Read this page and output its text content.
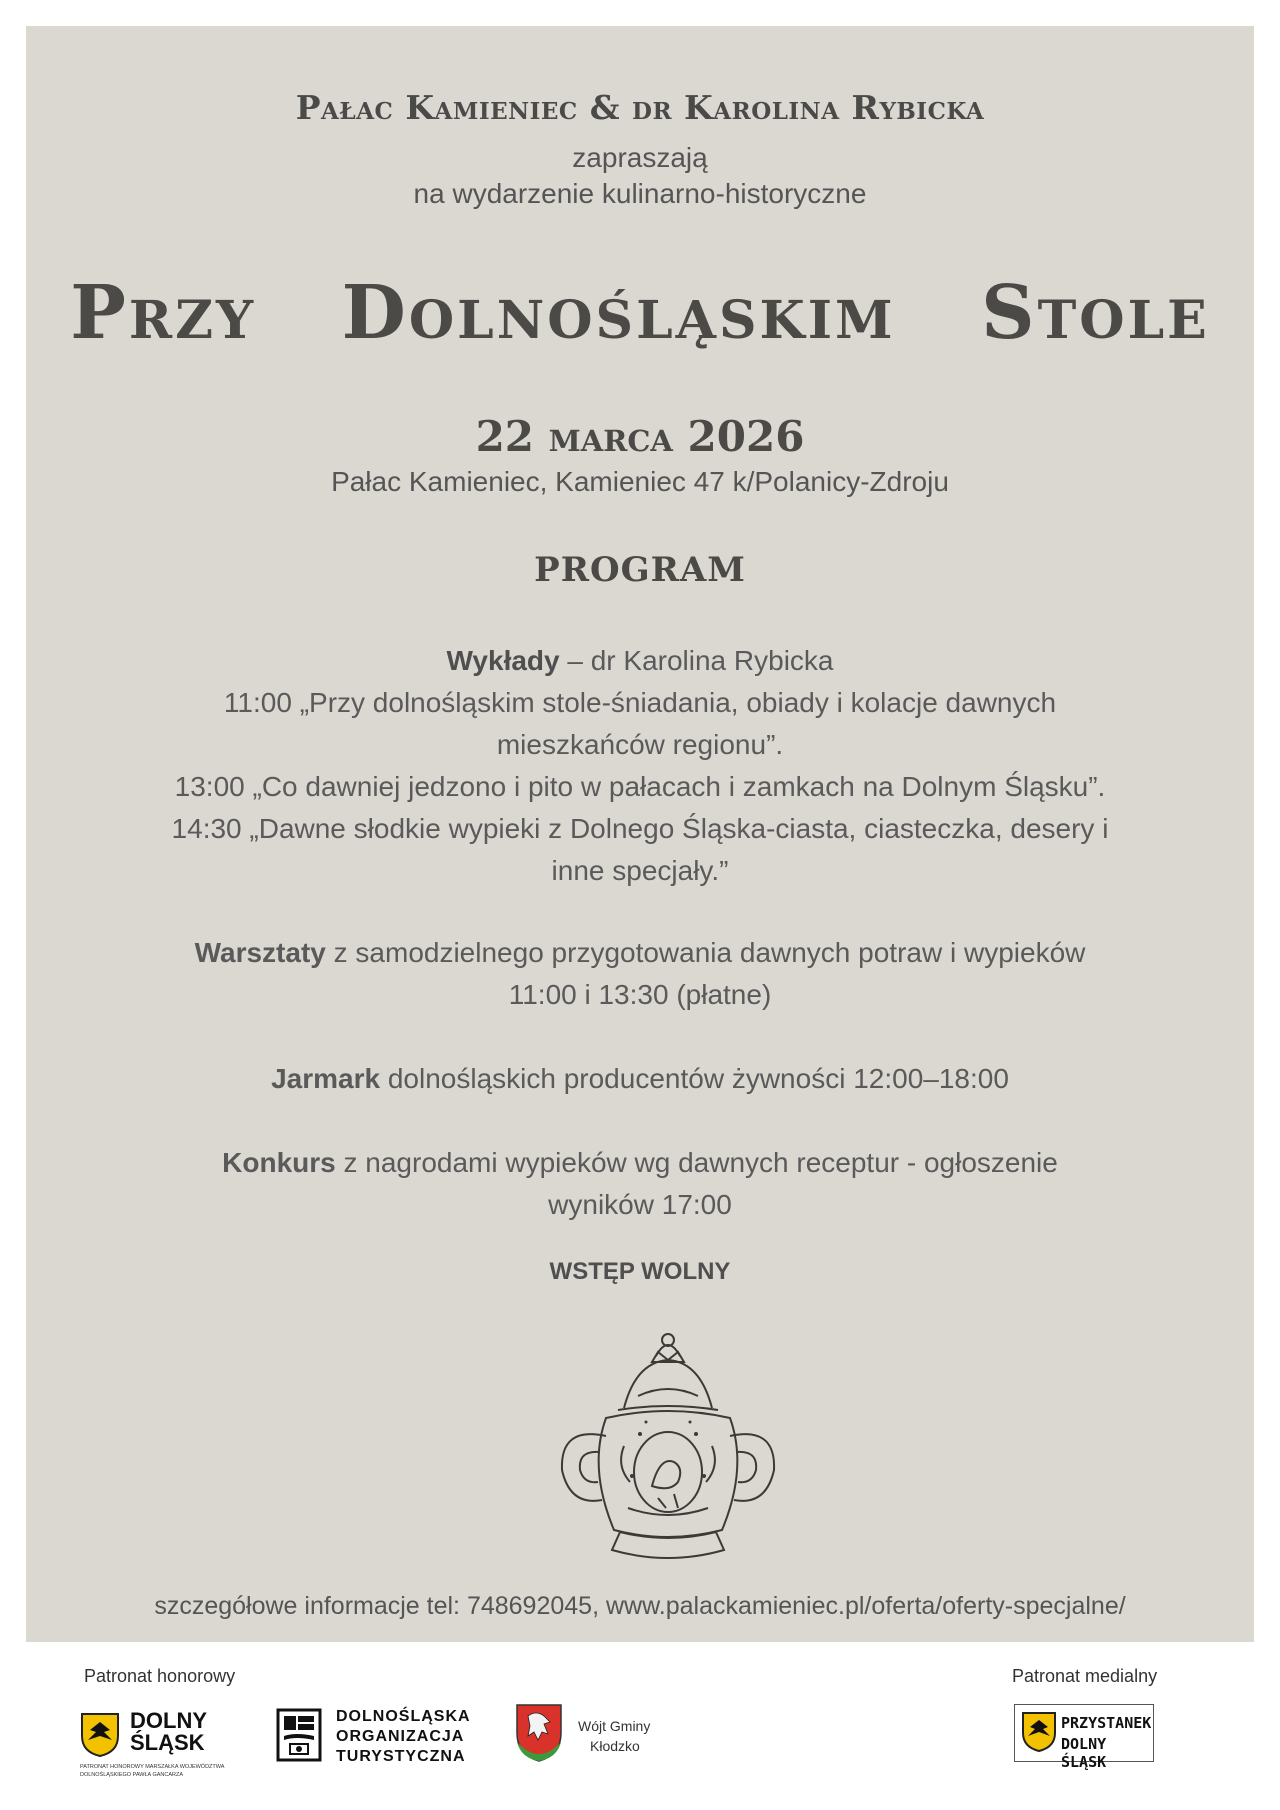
Pałac Kamieniec & dr Karolina Rybicka
zapraszają
na wydarzenie kulinarno-historyczne
Przy  Dolnośląskim  Stole
22 marca 2026
Pałac Kamieniec, Kamieniec 47 k/Polanicy-Zdroju
PROGRAM
Wykłady – dr Karolina Rybicka
11:00 „Przy dolnośląskim stole-śniadania, obiady i kolacje dawnych
mieszkańców regionu”.
13:00 „Co dawniej jedzono i pito w pałacach i zamkach na Dolnym Śląsku”.
14:30 „Dawne słodkie wypieki z Dolnego Śląska-ciasta, ciasteczka, desery i
inne specjały.”
Warsztaty z samodzielnego przygotowania dawnych potraw i wypieków
11:00 i 13:30 (płatne)
Jarmark dolnośląskich producentów żywności 12:00–18:00
Konkurs z nagrodami wypieków wg dawnych receptur - ogłoszenie
wyników 17:00
WSTĘP WOLNY
szczegółowe informacje tel: 748692045, www.palackamieniec.pl/oferta/oferty-specjalne/
Patronat honorowy	Patronat medialny
DOLNY
ŚLĄSK
PATRONAT HONOROWY MARSZAŁKA WOJEWÓDZTWA
DOLNOŚLĄSKIEGO PAWŁA GANCARZA
DOLNOŚLĄSKA
ORGANIZACJA
TURYSTYCZNA
Wójt Gminy
Kłodzko
PRZYSTANEK
DOLNY ŚLĄSK
